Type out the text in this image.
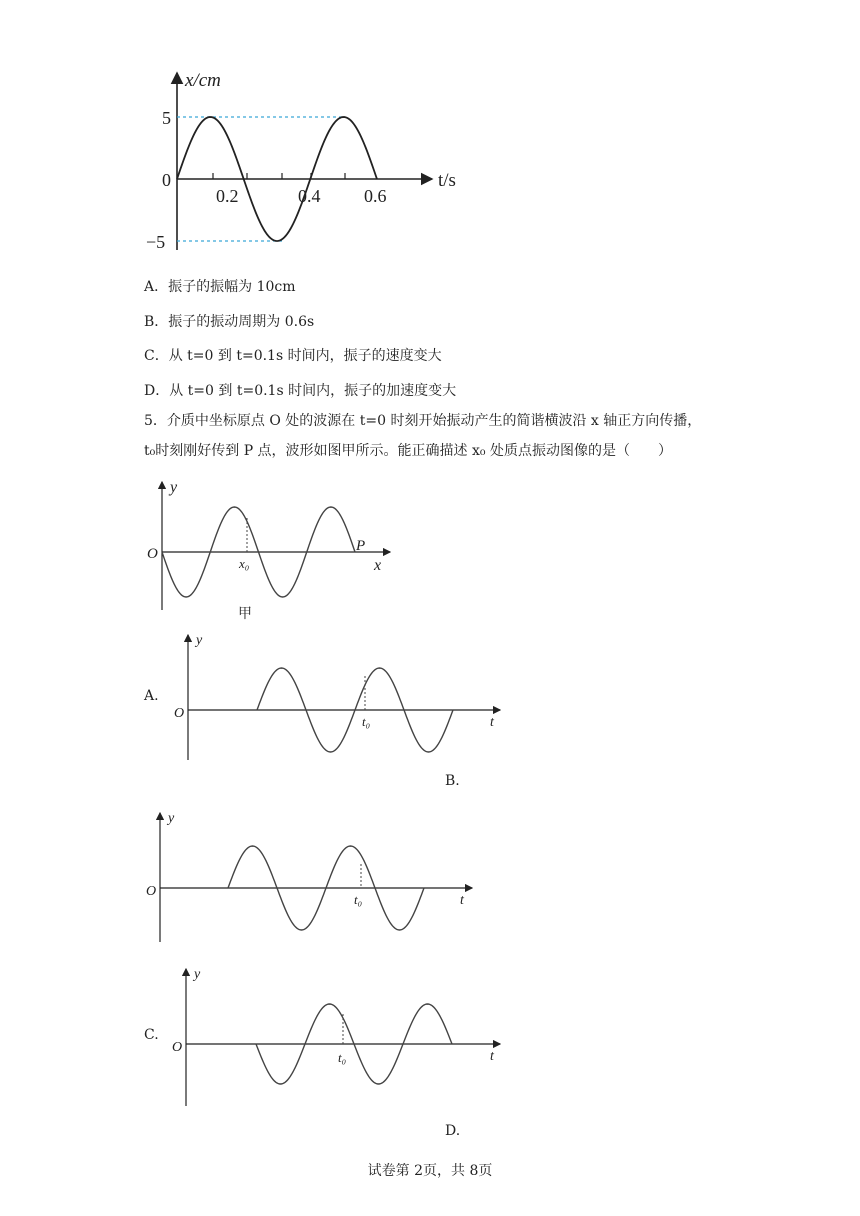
x/cm
t/s
5
0
−5
0.2	0.4 0.6
A．振子的振幅为 10cm
B．振子的振动周期为 0.6s
C．从 t=0 到 t=0.1s 时间内，振子的速度变大
D．从 t=0 到 t=0.1s 时间内，振子的加速度变大
5．介质中坐标原点 O 处的波源在 t=0 时刻开始振动产生的简谐横波沿 x 轴正方向传播，
t₀时刻刚好传到 P 点，波形如图甲所示。能正确描述 x₀ 处质点振动图像的是（　　）
y
x
O	P
x₀
甲
y
t
O
t₀
A.
B.
y
t
O
t₀
y
t
O
t₀
C.
D.
试卷第 2页，共 8页
